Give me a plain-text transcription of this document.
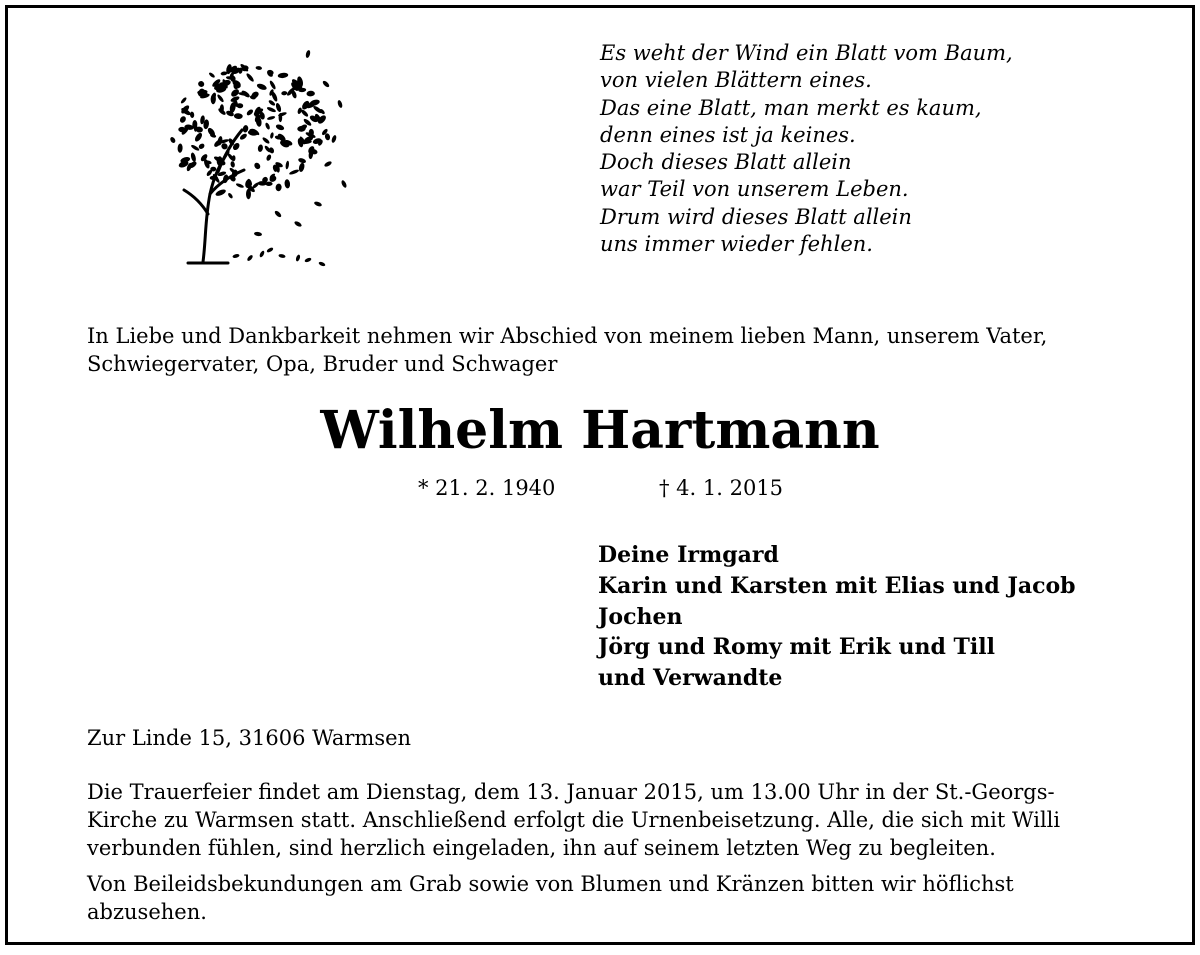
Es weht der Wind ein Blatt vom Baum,
von vielen Blättern eines.
Das eine Blatt, man merkt es kaum,
denn eines ist ja keines.
Doch dieses Blatt allein
war Teil von unserem Leben.
Drum wird dieses Blatt allein
uns immer wieder fehlen.
In Liebe und Dankbarkeit nehmen wir Abschied von meinem lieben Mann, unserem Vater, Schwiegervater, Opa, Bruder und Schwager
Wilhelm Hartmann
* 21. 2. 1940	† 4. 1. 2015
Deine Irmgard
Karin und Karsten mit Elias und Jacob
Jochen
Jörg und Romy mit Erik und Till
und Verwandte
Zur Linde 15, 31606 Warmsen

Die Trauerfeier findet am Dienstag, dem 13. Januar 2015, um 13.00 Uhr in der St.-Georgs-Kirche zu Warmsen statt. Anschließend erfolgt die Urnenbeisetzung. Alle, die sich mit Willi verbunden fühlen, sind herzlich eingeladen, ihn auf seinem letzten Weg zu begleiten.

Von Beileidsbekundungen am Grab sowie von Blumen und Kränzen bitten wir höflichst abzusehen.
